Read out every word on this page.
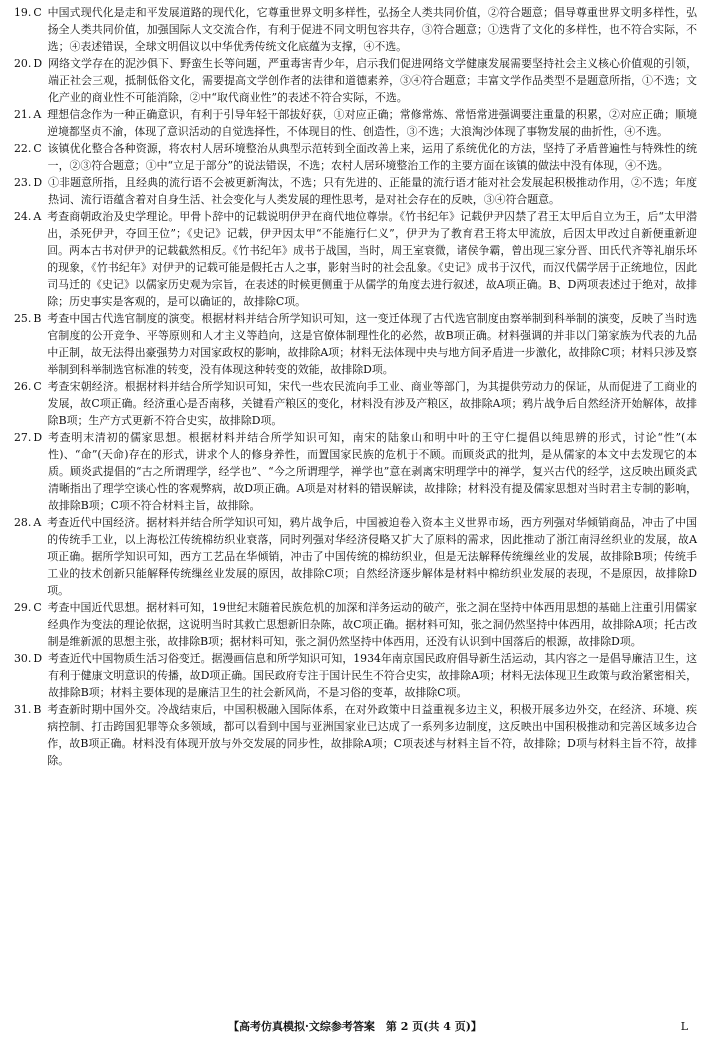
19. C 中国式现代化是走和平发展道路的现代化，它尊重世界文明多样性，弘扬全人类共同价值，②符合题意；倡导尊重世界文明多样性，弘扬全人类共同价值，加强国际人文交流合作，有利于促进不同文明包容共存，③符合题意；①迭背了文化的多样性，也不符合实际，不选；④表述错误，全球文明倡议以中华优秀传统文化底蕴为支撑，④不选。
20. D 网络文学存在的泥沙俱下、野蛮生长等问题，严重毒害青少年，启示我们促进网络文学健康发展需要坚持社会主义核心价值观的引领，端正社会三观，抵制低俗文化，需要提高文学创作者的法律和道德素养，③④符合题意；丰富文学作品类型不是题意所指，①不选；文化产业的商业性不可能消除，②中“取代商业性”的表述不符合实际，不选。
21. A 理想信念作为一种正确意识，有利于引导年轻干部拔好获，①对应正确；常修常炼、常悟常进强调要注重量的积累，②对应正确；顺境逆境都坚贞不渝，体现了意识活动的自觉选择性，不体现目的性、创造性，③不选；大浪淘沙体现了事物发展的曲折性，④不选。
22. C 该镇优化整合各种资源，将农村人居环境整治从典型示范转到全面改善上来，运用了系统优化的方法，坚持了矛盾普遍性与特殊性的统一，②③符合题意；①中“立足于部分”的说法错误，不选；农村人居环境整治工作的主要方面在该镇的做法中没有体现，④不选。
23. D ①非题意所指，且经典的流行语不会被更新淘汰，不选；只有先进的、正能量的流行语才能对社会发展起积极推动作用，②不选；年度热词、流行语蕴含着对自身生活、社会变化与人类发展的理性思考，是对社会存在的反映，③④符合题意。
24. A 考查商朝政治及史学理论。甲骨卜辞中的记载说明伊尹在商代地位尊崇。《竹书纪年》记载伊尹囚禁了君王太甲后自立为王，后“太甲潜出，杀死伊尹，夺回王位”；《史记》记载，伊尹因太甲“不能施行仁义”，伊尹为了教育君王将太甲流放，后因太甲改过自新便重新迎回。两本古书对伊尹的记载截然相反。《竹书纪年》成书于战国，当时，周王室衰微，诸侯争霸，曾出现三家分晋、田氏代齐等礼崩乐坏的现象，《竹书纪年》对伊尹的记载可能是假托古人之事，影射当时的社会乱象。《史记》成书于汉代，而汉代儒学居于正统地位，因此司马迁的《史记》以儒家历史观为宗旨，在表述的时候更侧重于从儒学的角度去进行叙述，故A项正确。B、D两项表述过于绝对，故排除；历史事实是客观的，是可以确证的，故排除C项。
25. B 考查中国古代选官制度的演变。根据材料并结合所学知识可知，这一变迁体现了古代选官制度由察举制到科举制的演变，反映了当时选官制度的公开竞争、平等原则和人才主义等趋向，这是官僚体制理性化的必然，故B项正确。材料强调的并非以门第家族为代表的九品中正制，故无法得出豪强势力对国家政权的影响，故排除A项；材料无法体现中央与地方间矛盾进一步激化，故排除C项；材料只涉及察举制到科举制选官标准的转变，没有体现这种转变的效能，故排除D项。
26. C 考查宋朝经济。根据材料并结合所学知识可知，宋代一些农民流向手工业、商业等部门，为其提供劳动力的保证，从而促进了工商业的发展，故C项正确。经济重心是否南移，关键看产粮区的变化，材料没有涉及产粮区，故排除A项；鸦片战争后自然经济开始解体，故排除B项；生产方式更新不符合史实，故排除D项。
27. D 考查明末清初的儒家思想。根据材料并结合所学知识可知，南宋的陆象山和明中叶的王守仁提倡以纯思辨的形式，讨论“性”(本性)、“命”(天命)存在的形式，讲求个人的修身养性，而置国家民族的危机于不顾。而顾炎武的批判，是从儒家的本文中去发现它的本质。顾炎武提倡的“古之所谓理学，经学也”、“今之所谓理学，禅学也”意在剥离宋明理学中的禅学，复兴古代的经学，这反映出顾炎武清晰指出了理学空谈心性的客观弊病，故D项正确。A项是对材料的错误解读，故排除；材料没有提及儒家思想对当时君主专制的影响，故排除B项；C项不符合材料主旨，故排除。
28. A 考查近代中国经济。据材料并结合所学知识可知，鸦片战争后，中国被迫卷入资本主义世界市场，西方列强对华倾销商品，冲击了中国的传统手工业，以上海松江传统棉纺织业衰落，同时列强对华经济侵略又扩大了原料的需求，因此推动了浙江南浔丝织业的发展，故A项正确。据所学知识可知，西方工艺品在华倾销，冲击了中国传统的棉纺织业，但是无法解释传统缫丝业的发展，故排除B项；传统手工业的技术创新只能解释传统缫丝业发展的原因，故排除C项；自然经济逐步解体是材料中棉纺织业发展的表现，不是原因，故排除D项。
29. C 考查中国近代思想。据材料可知，19世纪末随着民族危机的加深和洋务运动的破产，张之洞在坚持中体西用思想的基础上注重引用儒家经典作为变法的理论依据，这说明当时其救亡思想新旧杂陈，故C项正确。据材料可知，张之洞仍然坚持中体西用，故排除A项；托古改制是维新派的思想主张，故排除B项；据材料可知，张之洞仍然坚持中体西用，还没有认识到中国落后的根源，故排除D项。
30. D 考查近代中国物质生活习俗变迁。据漫画信息和所学知识可知，1934年南京国民政府倡导新生活运动，其内容之一是倡导廉洁卫生，这有利于健康文明意识的传播，故D项正确。国民政府专注于国计民生不符合史实，故排除A项；材料无法体现卫生政策与政治紧密相关，故排除B项；材料主要体现的是廉洁卫生的社会新风尚，不是习俗的变革，故排除C项。
31. B 考查新时期中国外交。冷战结束后，中国积极融入国际体系，在对外政策中日益重视多边主义，积极开展多边外交，在经济、环境、疾病控制、打击跨国犯罪等众多领域，都可以看到中国与亚洲国家业已达成了一系列多边制度，这反映出中国积极推动和完善区域多边合作，故B项正确。材料没有体现开放与外交发展的同步性，故排除A项；C项表述与材料主旨不符，故排除；D项与材料主旨不符，故排除。
【高考仿真模拟·文综参考答案　第 2 页(共 4 页)】	L
